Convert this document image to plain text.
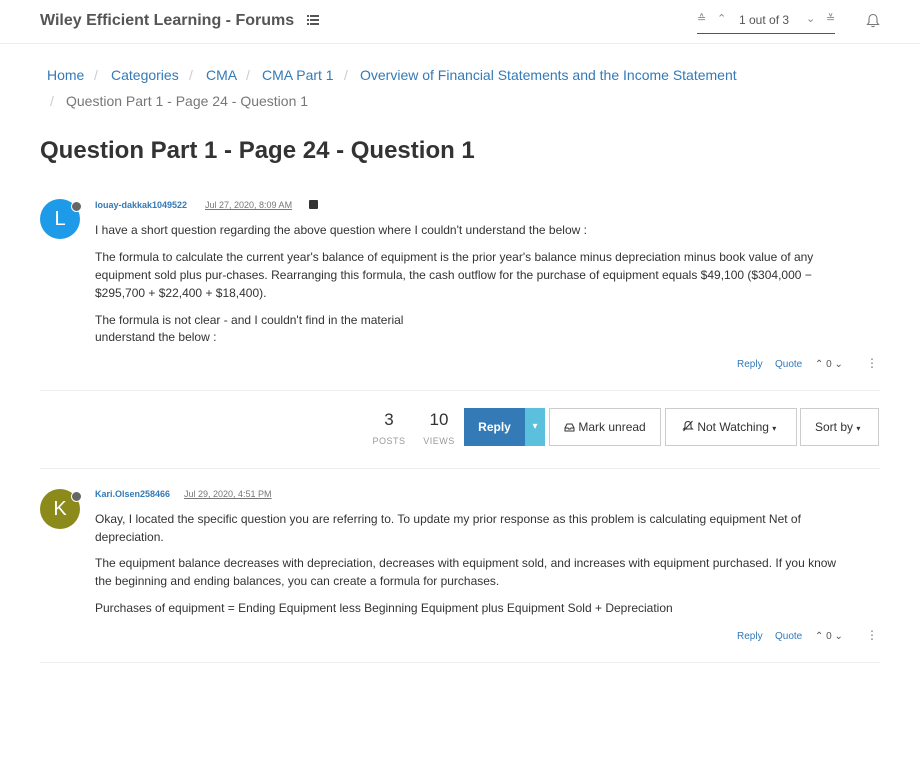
Wiley Efficient Learning - Forums	≙ ⌃ 1 out of 3 ⌄ ≚
Home / Categories / CMA / CMA Part 1 / Overview of Financial Statements and the Income Statement
/ Question Part 1 - Page 24 - Question 1
Question Part 1 - Page 24 - Question 1
L
louay-dakkak1049522 Jul 27, 2020, 8:09 AM

I have a short question regarding the above question where I couldn't understand the below :

The formula to calculate the current year's balance of equipment is the prior year's balance minus depreciation minus book value of any equipment sold plus pur-chases. Rearranging this formula, the cash outflow for the purchase of equipment equals $49,100 ($304,000 − $295,700 + $22,400 + $18,400).

The formula is not clear - and I couldn't find in the material

understand the below :

Reply Quote ⌃ 0 ⌄ ⋮
3
POSTS
10
VIEWS
Reply	▾	Mark unread	Not Watching ▾	Sort by ▾
K
Kari.Olsen258466 Jul 29, 2020, 4:51 PM

Okay, I located the specific question you are referring to. To update my prior response as this problem is calculating equipment Net of depreciation.

The equipment balance decreases with depreciation, decreases with equipment sold, and increases with equipment purchased. If you know the beginning and ending balances, you can create a formula for purchases.

Purchases of equipment = Ending Equipment less Beginning Equipment plus Equipment Sold + Depreciation

Reply Quote ⌃ 0 ⌄ ⋮
